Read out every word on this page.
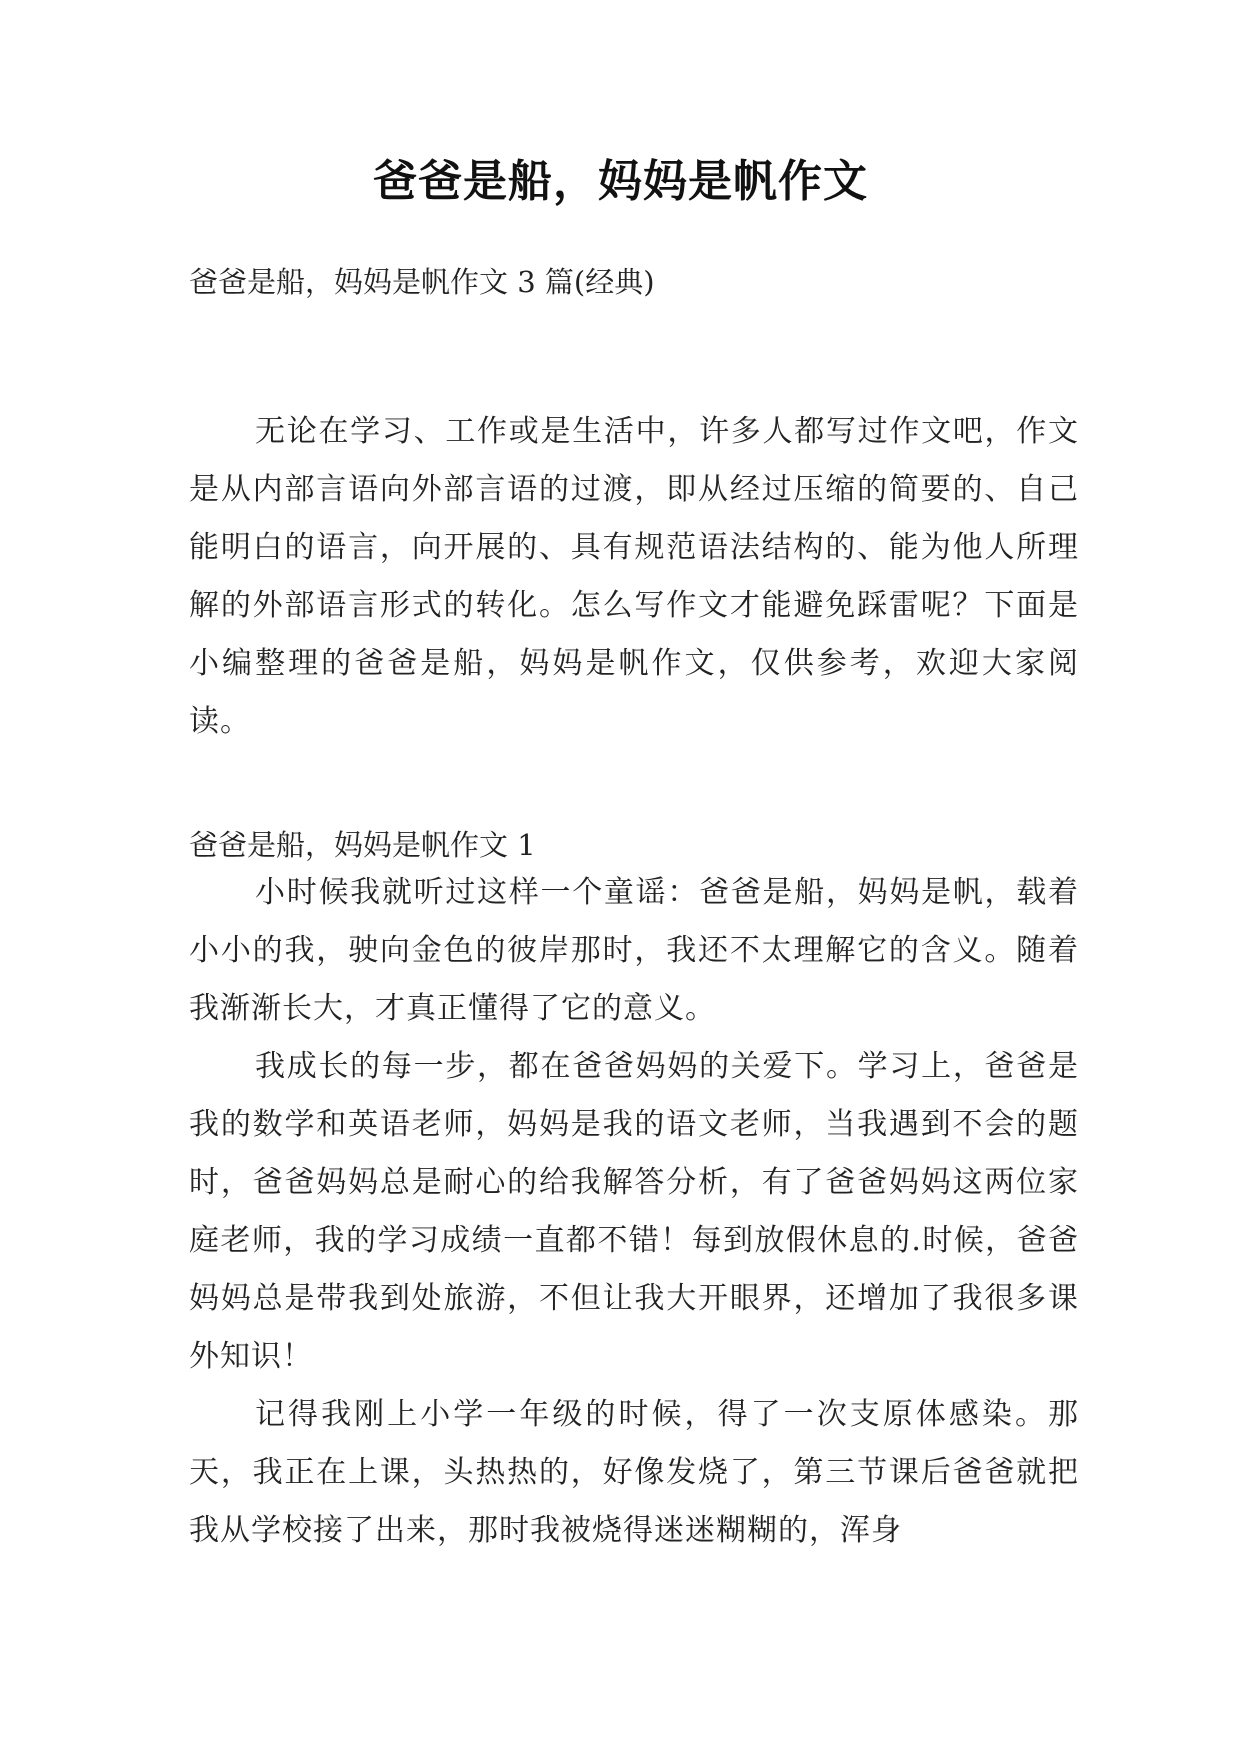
爸爸是船，妈妈是帆作文
爸爸是船，妈妈是帆作文 3 篇(经典)

无论在学习、工作或是生活中，许多人都写过作文吧，作文是从内部言语向外部言语的过渡，即从经过压缩的简要的、自己能明白的语言，向开展的、具有规范语法结构的、能为他人所理解的外部语言形式的转化。怎么写作文才能避免踩雷呢？下面是小编整理的爸爸是船，妈妈是帆作文，仅供参考，欢迎大家阅读。

爸爸是船，妈妈是帆作文 1

小时候我就听过这样一个童谣：爸爸是船，妈妈是帆，载着小小的我，驶向金色的彼岸那时，我还不太理解它的含义。随着我渐渐长大，才真正懂得了它的意义。

我成长的每一步，都在爸爸妈妈的关爱下。学习上，爸爸是我的数学和英语老师，妈妈是我的语文老师，当我遇到不会的题时，爸爸妈妈总是耐心的给我解答分析，有了爸爸妈妈这两位家庭老师，我的学习成绩一直都不错！每到放假休息的.时候，爸爸妈妈总是带我到处旅游，不但让我大开眼界，还增加了我很多课外知识！

记得我刚上小学一年级的时候，得了一次支原体感染。那天，我正在上课，头热热的，好像发烧了，第三节课后爸爸就把我从学校接了出来，那时我被烧得迷迷糊糊的，浑身
